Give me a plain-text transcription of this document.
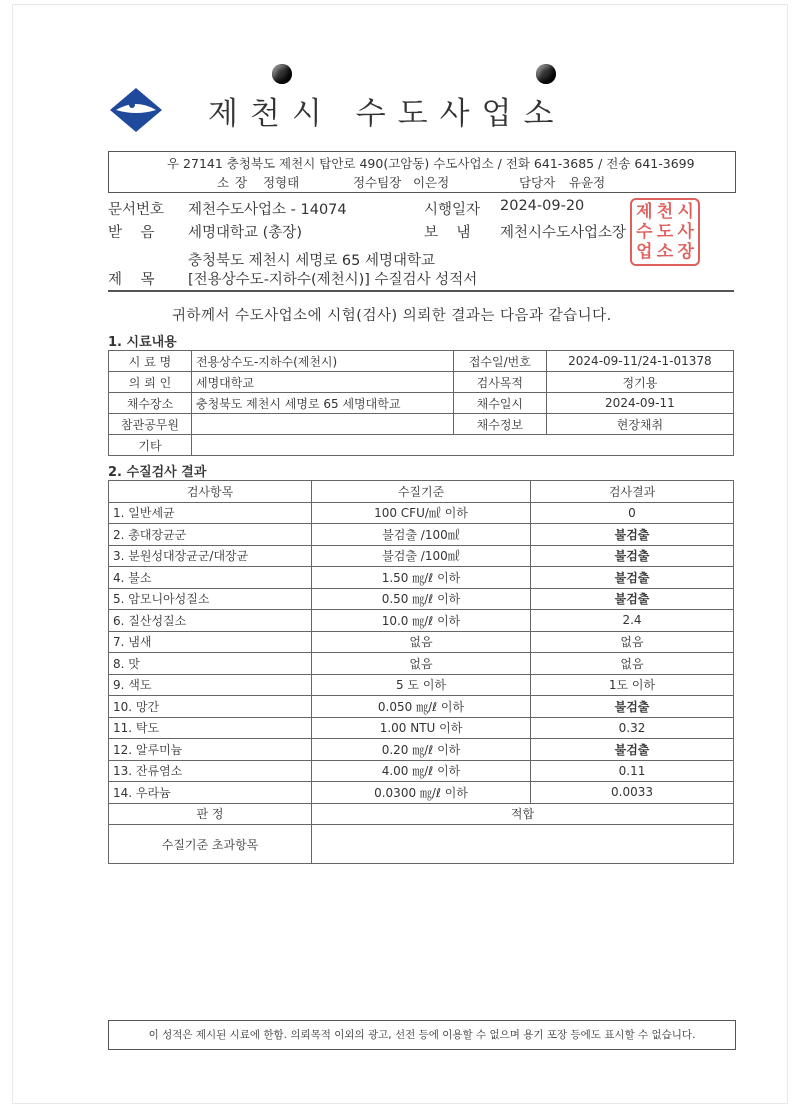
제천시 수도사업소
우 27141 충청북도 제천시 탑안로 490(고암동) 수도사업소 / 전화 641-3685 / 전송 641-3699
소 장 정형태	정수팀장 이은정	담당자 유윤정
문서번호 제천수도사업소 - 14074	시행일자 2024-09-20
받    음 세명대학교 (총장)	보    냄 제천시수도사업소장
제 천 시
수 도 사
업 소 장
충청북도 제천시 세명로 65 세명대학교
제    목 [전용상수도-지하수(제천시)] 수질검사 성적서
귀하께서 수도사업소에 시험(검사) 의뢰한 결과는 다음과 같습니다.
1. 시료내용
시 료 명	전용상수도-지하수(제천시)	접수일/번호	2024-09-11/24-1-01378
의 뢰 인	세명대학교	검사목적	정기용
채수장소	충청북도 제천시 세명로 65 세명대학교	채수일시	2024-09-11
참관공무원		채수정보	현장채취
기타			
2. 수질검사 결과
검사항목	수질기준	검사결과
1. 일반세균	100 CFU/㎖ 이하	0
2. 총대장균군	불검출 /100㎖	불검출
3. 분원성대장균군/대장균	불검출 /100㎖	불검출
4. 불소	1.50 ㎎/ℓ 이하	불검출
5. 암모니아성질소	0.50 ㎎/ℓ 이하	불검출
6. 질산성질소	10.0 ㎎/ℓ 이하	2.4
7. 냄새	없음	없음
8. 맛	없음	없음
9. 색도	5 도 이하	1도 이하
10. 망간	0.050 ㎎/ℓ 이하	불검출
11. 탁도	1.00 NTU 이하	0.32
12. 알루미늄	0.20 ㎎/ℓ 이하	불검출
13. 잔류염소	4.00 ㎎/ℓ 이하	0.11
14. 우라늄	0.0300 ㎎/ℓ 이하	0.0033
판 정	적합	
수질기준 초과항목		
이 성적은 제시된 시료에 한함. 의뢰목적 이외의 광고, 선전 등에 이용할 수 없으며 용기 포장 등에도 표시할 수 없습니다.
